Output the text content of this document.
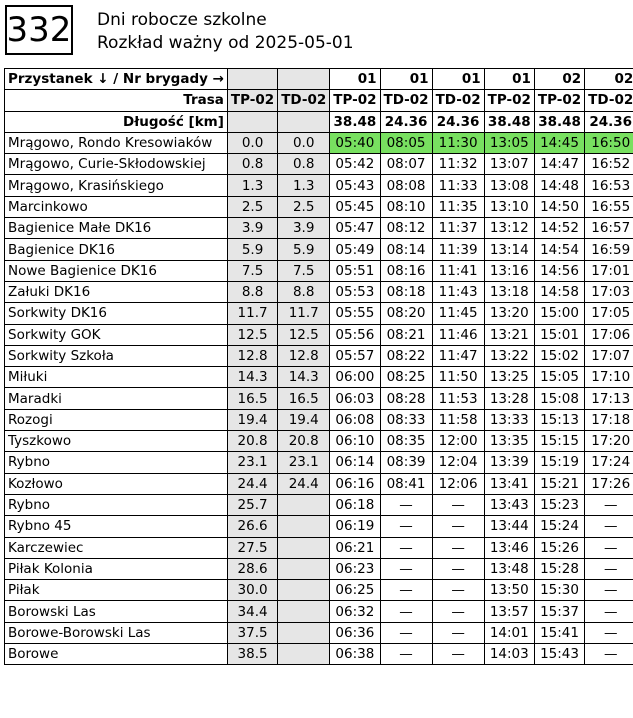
332 Dni robocze szkolne
Rozkład ważny od 2025-05-01
Przystanek ↓ / Nr brygady →			01	01	01	01	02	02
Trasa	TP-02	TD-02	TP-02	TD-02	TD-02	TP-02	TP-02	TD-02
Długość [km]			38.48	24.36	24.36	38.48	38.48	24.36
Mrągowo, Rondo Kresowiaków	0.0	0.0	05:40	08:05	11:30	13:05	14:45	16:50
Mrągowo, Curie-Skłodowskiej	0.8	0.8	05:42	08:07	11:32	13:07	14:47	16:52
Mrągowo, Krasińskiego	1.3	1.3	05:43	08:08	11:33	13:08	14:48	16:53
Marcinkowo	2.5	2.5	05:45	08:10	11:35	13:10	14:50	16:55
Bagienice Małe DK16	3.9	3.9	05:47	08:12	11:37	13:12	14:52	16:57
Bagienice DK16	5.9	5.9	05:49	08:14	11:39	13:14	14:54	16:59
Nowe Bagienice DK16	7.5	7.5	05:51	08:16	11:41	13:16	14:56	17:01
Załuki DK16	8.8	8.8	05:53	08:18	11:43	13:18	14:58	17:03
Sorkwity DK16	11.7	11.7	05:55	08:20	11:45	13:20	15:00	17:05
Sorkwity GOK	12.5	12.5	05:56	08:21	11:46	13:21	15:01	17:06
Sorkwity Szkoła	12.8	12.8	05:57	08:22	11:47	13:22	15:02	17:07
Miłuki	14.3	14.3	06:00	08:25	11:50	13:25	15:05	17:10
Maradki	16.5	16.5	06:03	08:28	11:53	13:28	15:08	17:13
Rozogi	19.4	19.4	06:08	08:33	11:58	13:33	15:13	17:18
Tyszkowo	20.8	20.8	06:10	08:35	12:00	13:35	15:15	17:20
Rybno	23.1	23.1	06:14	08:39	12:04	13:39	15:19	17:24
Kozłowo	24.4	24.4	06:16	08:41	12:06	13:41	15:21	17:26
Rybno	25.7		06:18	—	—	13:43	15:23	—
Rybno 45	26.6		06:19	—	—	13:44	15:24	—
Karczewiec	27.5		06:21	—	—	13:46	15:26	—
Piłak Kolonia	28.6		06:23	—	—	13:48	15:28	—
Piłak	30.0		06:25	—	—	13:50	15:30	—
Borowski Las	34.4		06:32	—	—	13:57	15:37	—
Borowe-Borowski Las	37.5		06:36	—	—	14:01	15:41	—
Borowe	38.5		06:38	—	—	14:03	15:43	—
